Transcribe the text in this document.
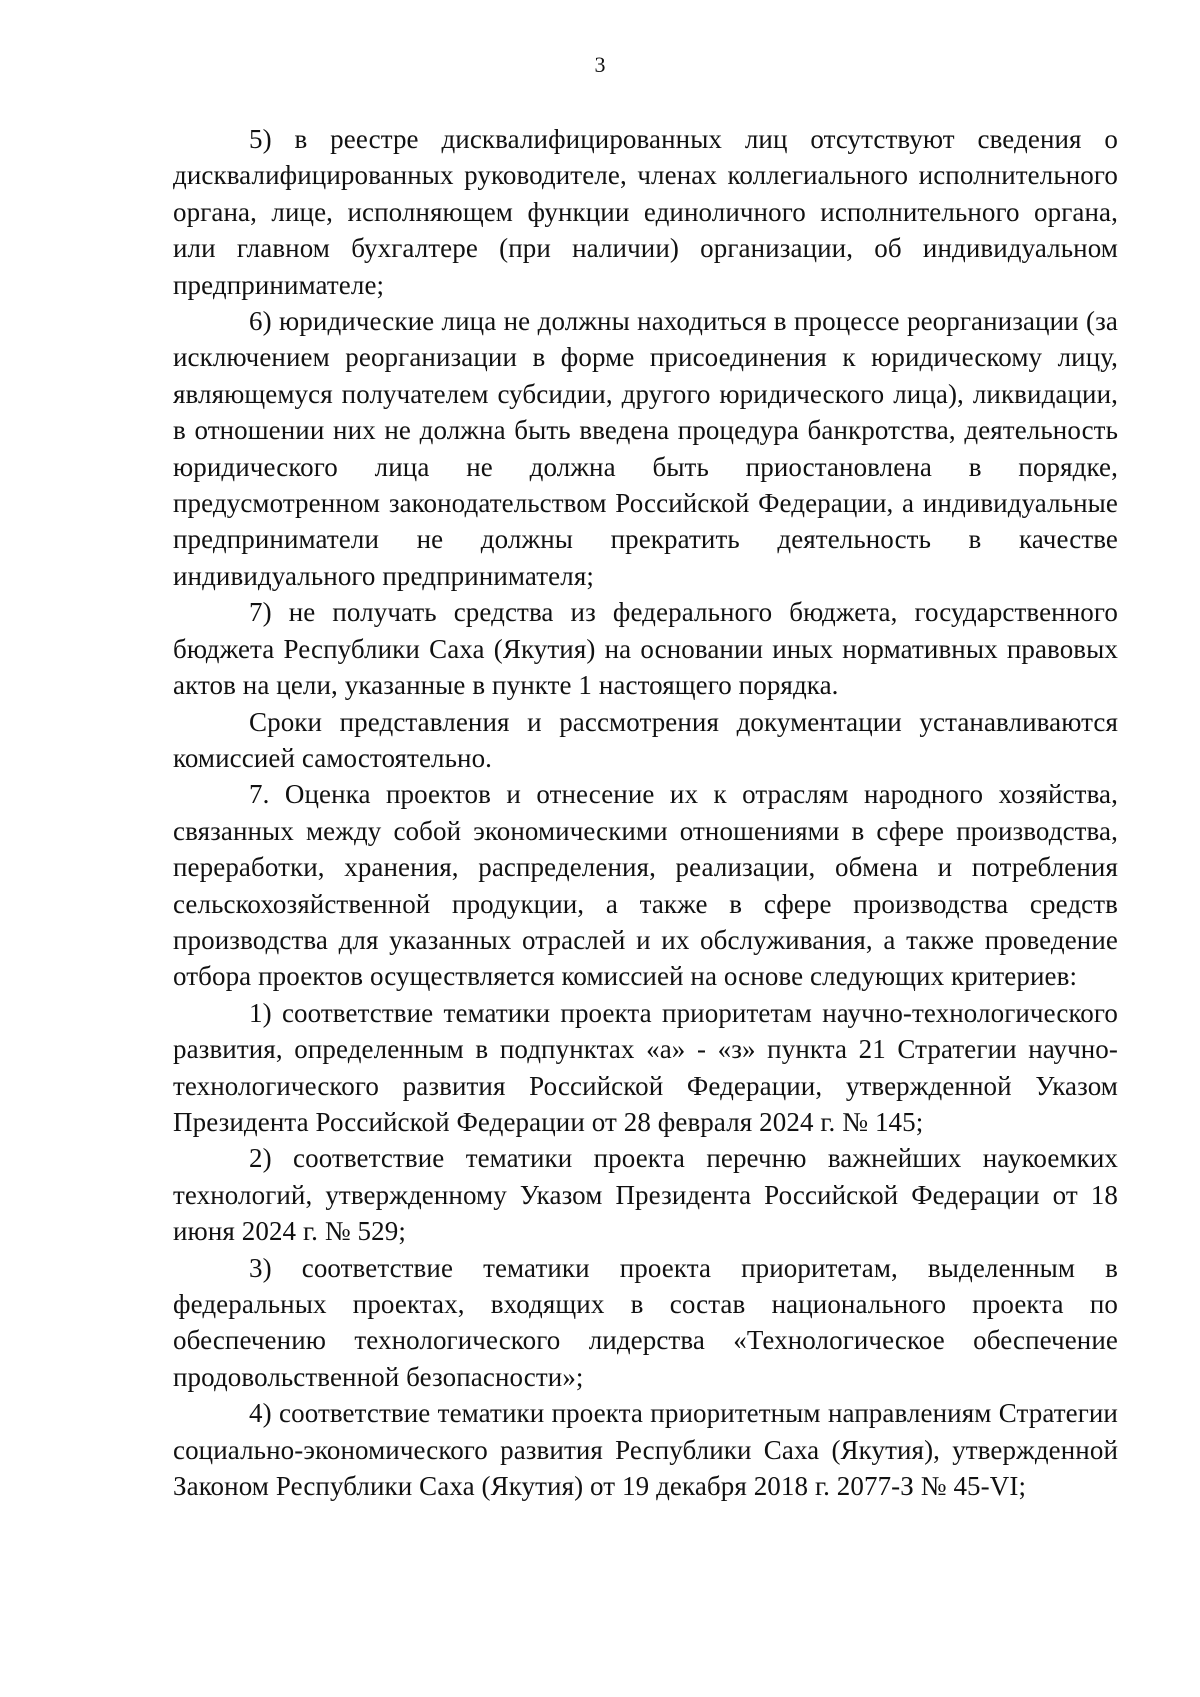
3

5) в реестре дисквалифицированных лиц отсутствуют сведения о дисквалифицированных руководителе, членах коллегиального исполнительного органа, лице, исполняющем функции единоличного исполнительного органа, или главном бухгалтере (при наличии) организации, об индивидуальном предпринимателе;

6) юридические лица не должны находиться в процессе реорганизации (за исключением реорганизации в форме присоединения к юридическому лицу, являющемуся получателем субсидии, другого юридического лица), ликвидации, в отношении них не должна быть введена процедура банкротства, деятельность юридического лица не должна быть приостановлена в порядке, предусмотренном законодательством Российской Федерации, а индивидуальные предприниматели не должны прекратить деятельность в качестве индивидуального предпринимателя;

7) не получать средства из федерального бюджета, государственного бюджета Республики Саха (Якутия) на основании иных нормативных правовых актов на цели, указанные в пункте 1 настоящего порядка.

Сроки представления и рассмотрения документации устанавливаются комиссией самостоятельно.

7. Оценка проектов и отнесение их к отраслям народного хозяйства, связанных между собой экономическими отношениями в сфере производства, переработки, хранения, распределения, реализации, обмена и потребления сельскохозяйственной продукции, а также в сфере производства средств производства для указанных отраслей и их обслуживания, а также проведение отбора проектов осуществляется комиссией на основе следующих критериев:

1) соответствие тематики проекта приоритетам научно-технологического развития, определенным в подпунктах «а» - «з» пункта 21 Стратегии научно-технологического развития Российской Федерации, утвержденной Указом Президента Российской Федерации от 28 февраля 2024 г. № 145;

2) соответствие тематики проекта перечню важнейших наукоемких технологий, утвержденному Указом Президента Российской Федерации от 18 июня 2024 г. № 529;

3) соответствие тематики проекта приоритетам, выделенным в федеральных проектах, входящих в состав национального проекта по обеспечению технологического лидерства «Технологическое обеспечение продовольственной безопасности»;

4) соответствие тематики проекта приоритетным направлениям Стратегии социально-экономического развития Республики Саха (Якутия), утвержденной Законом Республики Саха (Якутия) от 19 декабря 2018 г. 2077-З № 45-VI;
